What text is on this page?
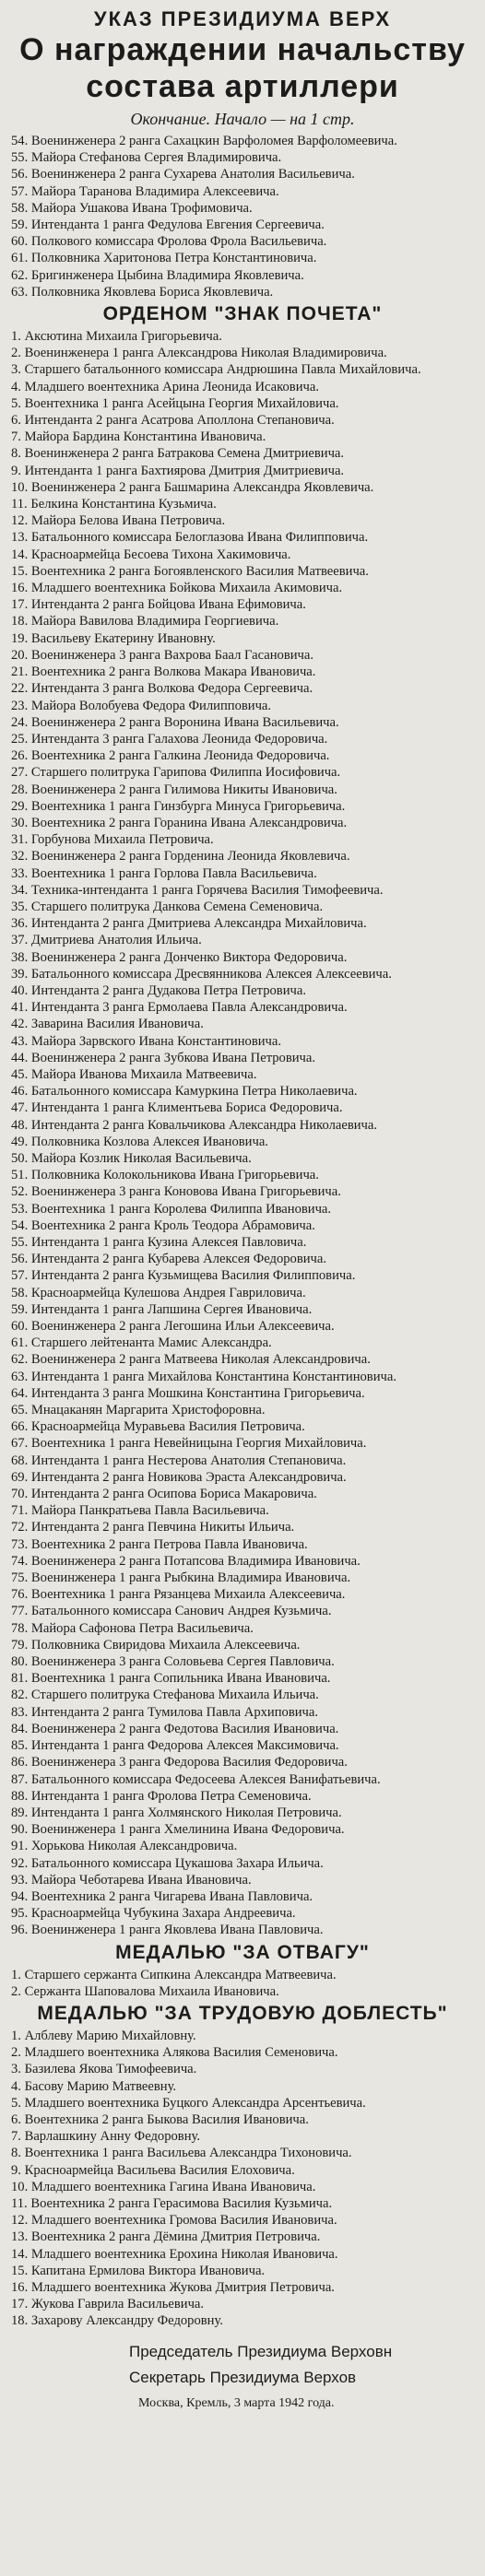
УКАЗ ПРЕЗИДИУМА ВЕРХ
О награждении начальству
состава артиллери
Окончание. Начало — на 1 стр.
54. Военинженера 2 ранга Сахацкин Варфоломея Варфоломеевича.
55. Майора Стефанова Сергея Владимировича.
56. Военинженера 2 ранга Сухарева Анатолия Васильевича.
57. Майора Таранова Владимира Алексеевича.
58. Майора Ушакова Ивана Трофимовича.
59. Интенданта 1 ранга Федулова Евгения Сергеевича.
60. Полкового комиссара Фролова Фрола Васильевича.
61. Полковника Харитонова Петра Константиновича.
62. Бригинженера Цыбина Владимира Яковлевича.
63. Полковника Яковлева Бориса Яковлевича.
ОРДЕНОМ "ЗНАК ПОЧЕТА"
1. Аксютина Михаила Григорьевича.
2. Военинженера 1 ранга Александрова Николая Владимировича.
3. Старшего батальонного комиссара Андрюшина Павла Михайловича.
4. Младшего воентехника Арина Леонида Исаковича.
5. Воентехника 1 ранга Асейцына Георгия Михайловича.
6. Интенданта 2 ранга Асатрова Аполлона Степановича.
7. Майора Бардина Константина Ивановича.
8. Военинженера 2 ранга Батракова Семена Дмитриевича.
9. Интенданта 1 ранга Бахтиярова Дмитрия Дмитриевича.
10. Военинженера 2 ранга Башмарина Александра Яковлевича.
11. Белкина Константина Кузьмича.
12. Майора Белова Ивана Петровича.
13. Батальонного комиссара Белоглазова Ивана Филипповича.
14. Красноармейца Бесоева Тихона Хакимовича.
15. Воентехника 2 ранга Богоявленского Василия Матвеевича.
16. Младшего воентехника Бойкова Михаила Акимовича.
17. Интенданта 2 ранга Бойцова Ивана Ефимовича.
18. Майора Вавилова Владимира Георгиевича.
19. Васильеву Екатерину Ивановну.
20. Военинженера 3 ранга Вахрова Баал Гасановича.
21. Воентехника 2 ранга Волкова Макара Ивановича.
22. Интенданта 3 ранга Волкова Федора Сергеевича.
23. Майора Волобуева Федора Филипповича.
24. Военинженера 2 ранга Воронина Ивана Васильевича.
25. Интенданта 3 ранга Галахова Леонида Федоровича.
26. Воентехника 2 ранга Галкина Леонида Федоровича.
27. Старшего политрука Гарипова Филиппа Иосифовича.
28. Военинженера 2 ранга Гилимова Никиты Ивановича.
29. Воентехника 1 ранга Гинзбурга Минуса Григорьевича.
30. Воентехника 2 ранга Горанина Ивана Александровича.
31. Горбунова Михаила Петровича.
32. Военинженера 2 ранга Горденина Леонида Яковлевича.
33. Воентехника 1 ранга Горлова Павла Васильевича.
34. Техника-интенданта 1 ранга Горячева Василия Тимофеевича.
35. Старшего политрука Данкова Семена Семеновича.
36. Интенданта 2 ранга Дмитриева Александра Михайловича.
37. Дмитриева Анатолия Ильича.
38. Военинженера 2 ранга Донченко Виктора Федоровича.
39. Батальонного комиссара Дресвянникова Алексея Алексеевича.
40. Интенданта 2 ранга Дудакова Петра Петровича.
41. Интенданта 3 ранга Ермолаева Павла Александровича.
42. Заварина Василия Ивановича.
43. Майора Зарвского Ивана Константиновича.
44. Военинженера 2 ранга Зубкова Ивана Петровича.
45. Майора Иванова Михаила Матвеевича.
46. Батальонного комиссара Камуркина Петра Николаевича.
47. Интенданта 1 ранга Климентьева Бориса Федоровича.
48. Интенданта 2 ранга Ковальчикова Александра Николаевича.
49. Полковника Козлова Алексея Ивановича.
50. Майора Козлик Николая Васильевича.
51. Полковника Колокольникова Ивана Григорьевича.
52. Военинженера 3 ранга Коновова Ивана Григорьевича.
53. Воентехника 1 ранга Королева Филиппа Ивановича.
54. Воентехника 2 ранга Кроль Теодора Абрамовича.
55. Интенданта 1 ранга Кузина Алексея Павловича.
56. Интенданта 2 ранга Кубарева Алексея Федоровича.
57. Интенданта 2 ранга Кузьмищева Василия Филипповича.
58. Красноармейца Кулешова Андрея Гавриловича.
59. Интенданта 1 ранга Лапшина Сергея Ивановича.
60. Военинженера 2 ранга Легошина Ильи Алексеевича.
61. Старшего лейтенанта Мамис Александра.
62. Военинженера 2 ранга Матвеева Николая Александровича.
63. Интенданта 1 ранга Михайлова Константина Константиновича.
64. Интенданта 3 ранга Мошкина Константина Григорьевича.
65. Мнацаканян Маргарита Христофоровна.
66. Красноармейца Муравьева Василия Петровича.
67. Воентехника 1 ранга Невейницына Георгия Михайловича.
68. Интенданта 1 ранга Нестерова Анатолия Степановича.
69. Интенданта 2 ранга Новикова Эраста Александровича.
70. Интенданта 2 ранга Осипова Бориса Макаровича.
71. Майора Панкратьева Павла Васильевича.
72. Интенданта 2 ранга Певчина Никиты Ильича.
73. Воентехника 2 ранга Петрова Павла Ивановича.
74. Военинженера 2 ранга Потапсова Владимира Ивановича.
75. Военинженера 1 ранга Рыбкина Владимира Ивановича.
76. Воентехника 1 ранга Рязанцева Михаила Алексеевича.
77. Батальонного комиссара Санович Андрея Кузьмича.
78. Майора Сафонова Петра Васильевича.
79. Полковника Свиридова Михаила Алексеевича.
80. Военинженера 3 ранга Соловьева Сергея Павловича.
81. Воентехника 1 ранга Сопильника Ивана Ивановича.
82. Старшего политрука Стефанова Михаила Ильича.
83. Интенданта 2 ранга Тумилова Павла Архиповича.
84. Военинженера 2 ранга Федотова Василия Ивановича.
85. Интенданта 1 ранга Федорова Алексея Максимовича.
86. Военинженера 3 ранга Федорова Василия Федоровича.
87. Батальонного комиссара Федосеева Алексея Ванифатьевича.
88. Интенданта 1 ранга Фролова Петра Семеновича.
89. Интенданта 1 ранга Холмянского Николая Петровича.
90. Военинженера 1 ранга Хмелинина Ивана Федоровича.
91. Хорькова Николая Александровича.
92. Батальонного комиссара Цукашова Захара Ильича.
93. Майора Чеботарева Ивана Ивановича.
94. Воентехника 2 ранга Чигарева Ивана Павловича.
95. Красноармейца Чубукина Захара Андреевича.
96. Военинженера 1 ранга Яковлева Ивана Павловича.
МЕДАЛЬЮ "ЗА ОТВАГУ"
1. Старшего сержанта Сипкина Александра Матвеевича.
2. Сержанта Шаповалова Михаила Ивановича.
МЕДАЛЬЮ "ЗА ТРУДОВУЮ ДОБЛЕСТЬ"
1. Алблеву Марию Михайловну.
2. Младшего воентехника Алякова Василия Семеновича.
3. Базилева Якова Тимофеевича.
4. Басову Марию Матвеевну.
5. Младшего воентехника Буцкого Александра Арсентьевича.
6. Воентехника 2 ранга Быкова Василия Ивановича.
7. Варлашкину Анну Федоровну.
8. Воентехника 1 ранга Васильева Александра Тихоновича.
9. Красноармейца Васильева Василия Елоховича.
10. Младшего воентехника Гагина Ивана Ивановича.
11. Воентехника 2 ранга Герасимова Василия Кузьмича.
12. Младшего воентехника Громова Василия Ивановича.
13. Воентехника 2 ранга Дёмина Дмитрия Петровича.
14. Младшего воентехника Ерохина Николая Ивановича.
15. Капитана Ермилова Виктора Ивановича.
16. Младшего воентехника Жукова Дмитрия Петровича.
17. Жукова Гаврила Васильевича.
18. Захарову Александру Федоровну.
Председатель Президиума Верховн
Секретарь Президиума Верхов
Москва, Кремль, 3 марта 1942 года.
